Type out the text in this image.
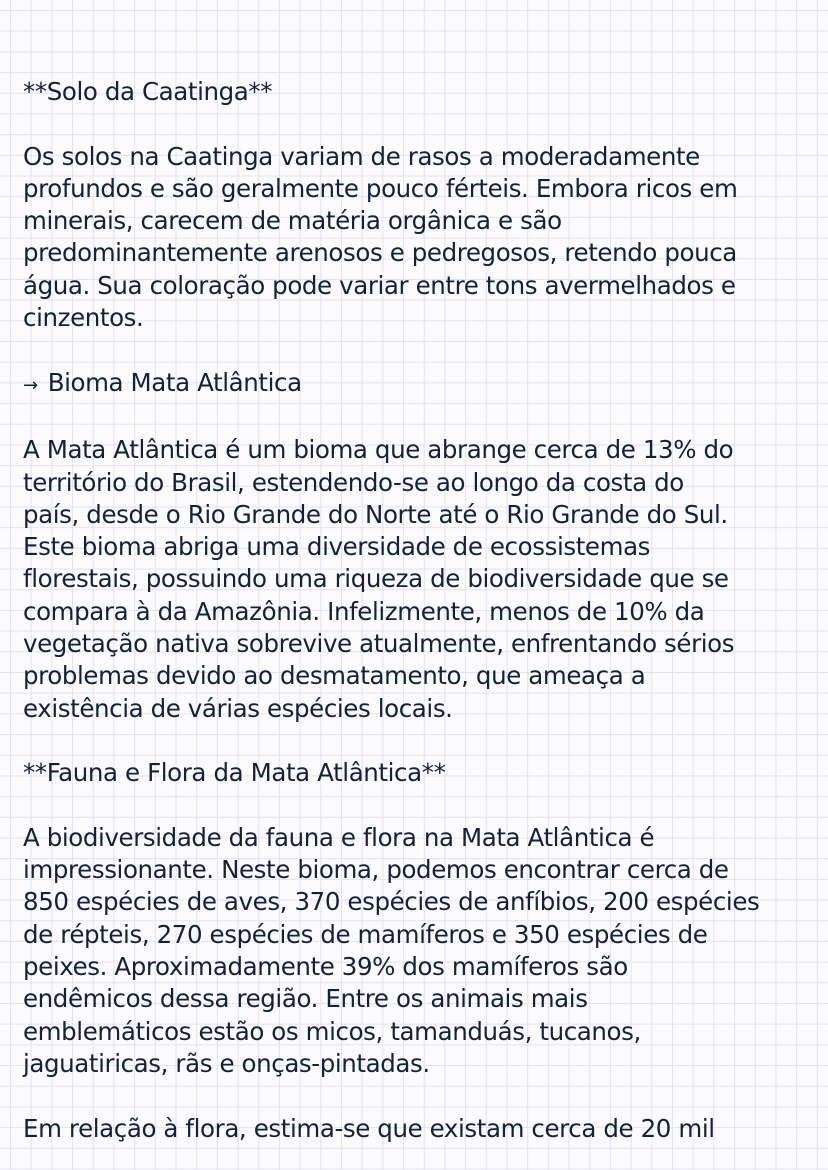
**Solo da Caatinga**

Os solos na Caatinga variam de rasos a moderadamente

profundos e são geralmente pouco férteis. Embora ricos em

minerais, carecem de matéria orgânica e são

predominantemente arenosos e pedregosos, retendo pouca

água. Sua coloração pode variar entre tons avermelhados e

cinzentos.

→ Bioma Mata Atlântica

A Mata Atlântica é um bioma que abrange cerca de 13% do

território do Brasil, estendendo-se ao longo da costa do

país, desde o Rio Grande do Norte até o Rio Grande do Sul.

Este bioma abriga uma diversidade de ecossistemas

florestais, possuindo uma riqueza de biodiversidade que se

compara à da Amazônia. Infelizmente, menos de 10% da

vegetação nativa sobrevive atualmente, enfrentando sérios

problemas devido ao desmatamento, que ameaça a

existência de várias espécies locais.

**Fauna e Flora da Mata Atlântica**

A biodiversidade da fauna e flora na Mata Atlântica é

impressionante. Neste bioma, podemos encontrar cerca de

850 espécies de aves, 370 espécies de anfíbios, 200 espécies

de répteis, 270 espécies de mamíferos e 350 espécies de

peixes. Aproximadamente 39% dos mamíferos são

endêmicos dessa região. Entre os animais mais

emblemáticos estão os micos, tamanduás, tucanos,

jaguatiricas, rãs e onças-pintadas.

Em relação à flora, estima-se que existam cerca de 20 mil
